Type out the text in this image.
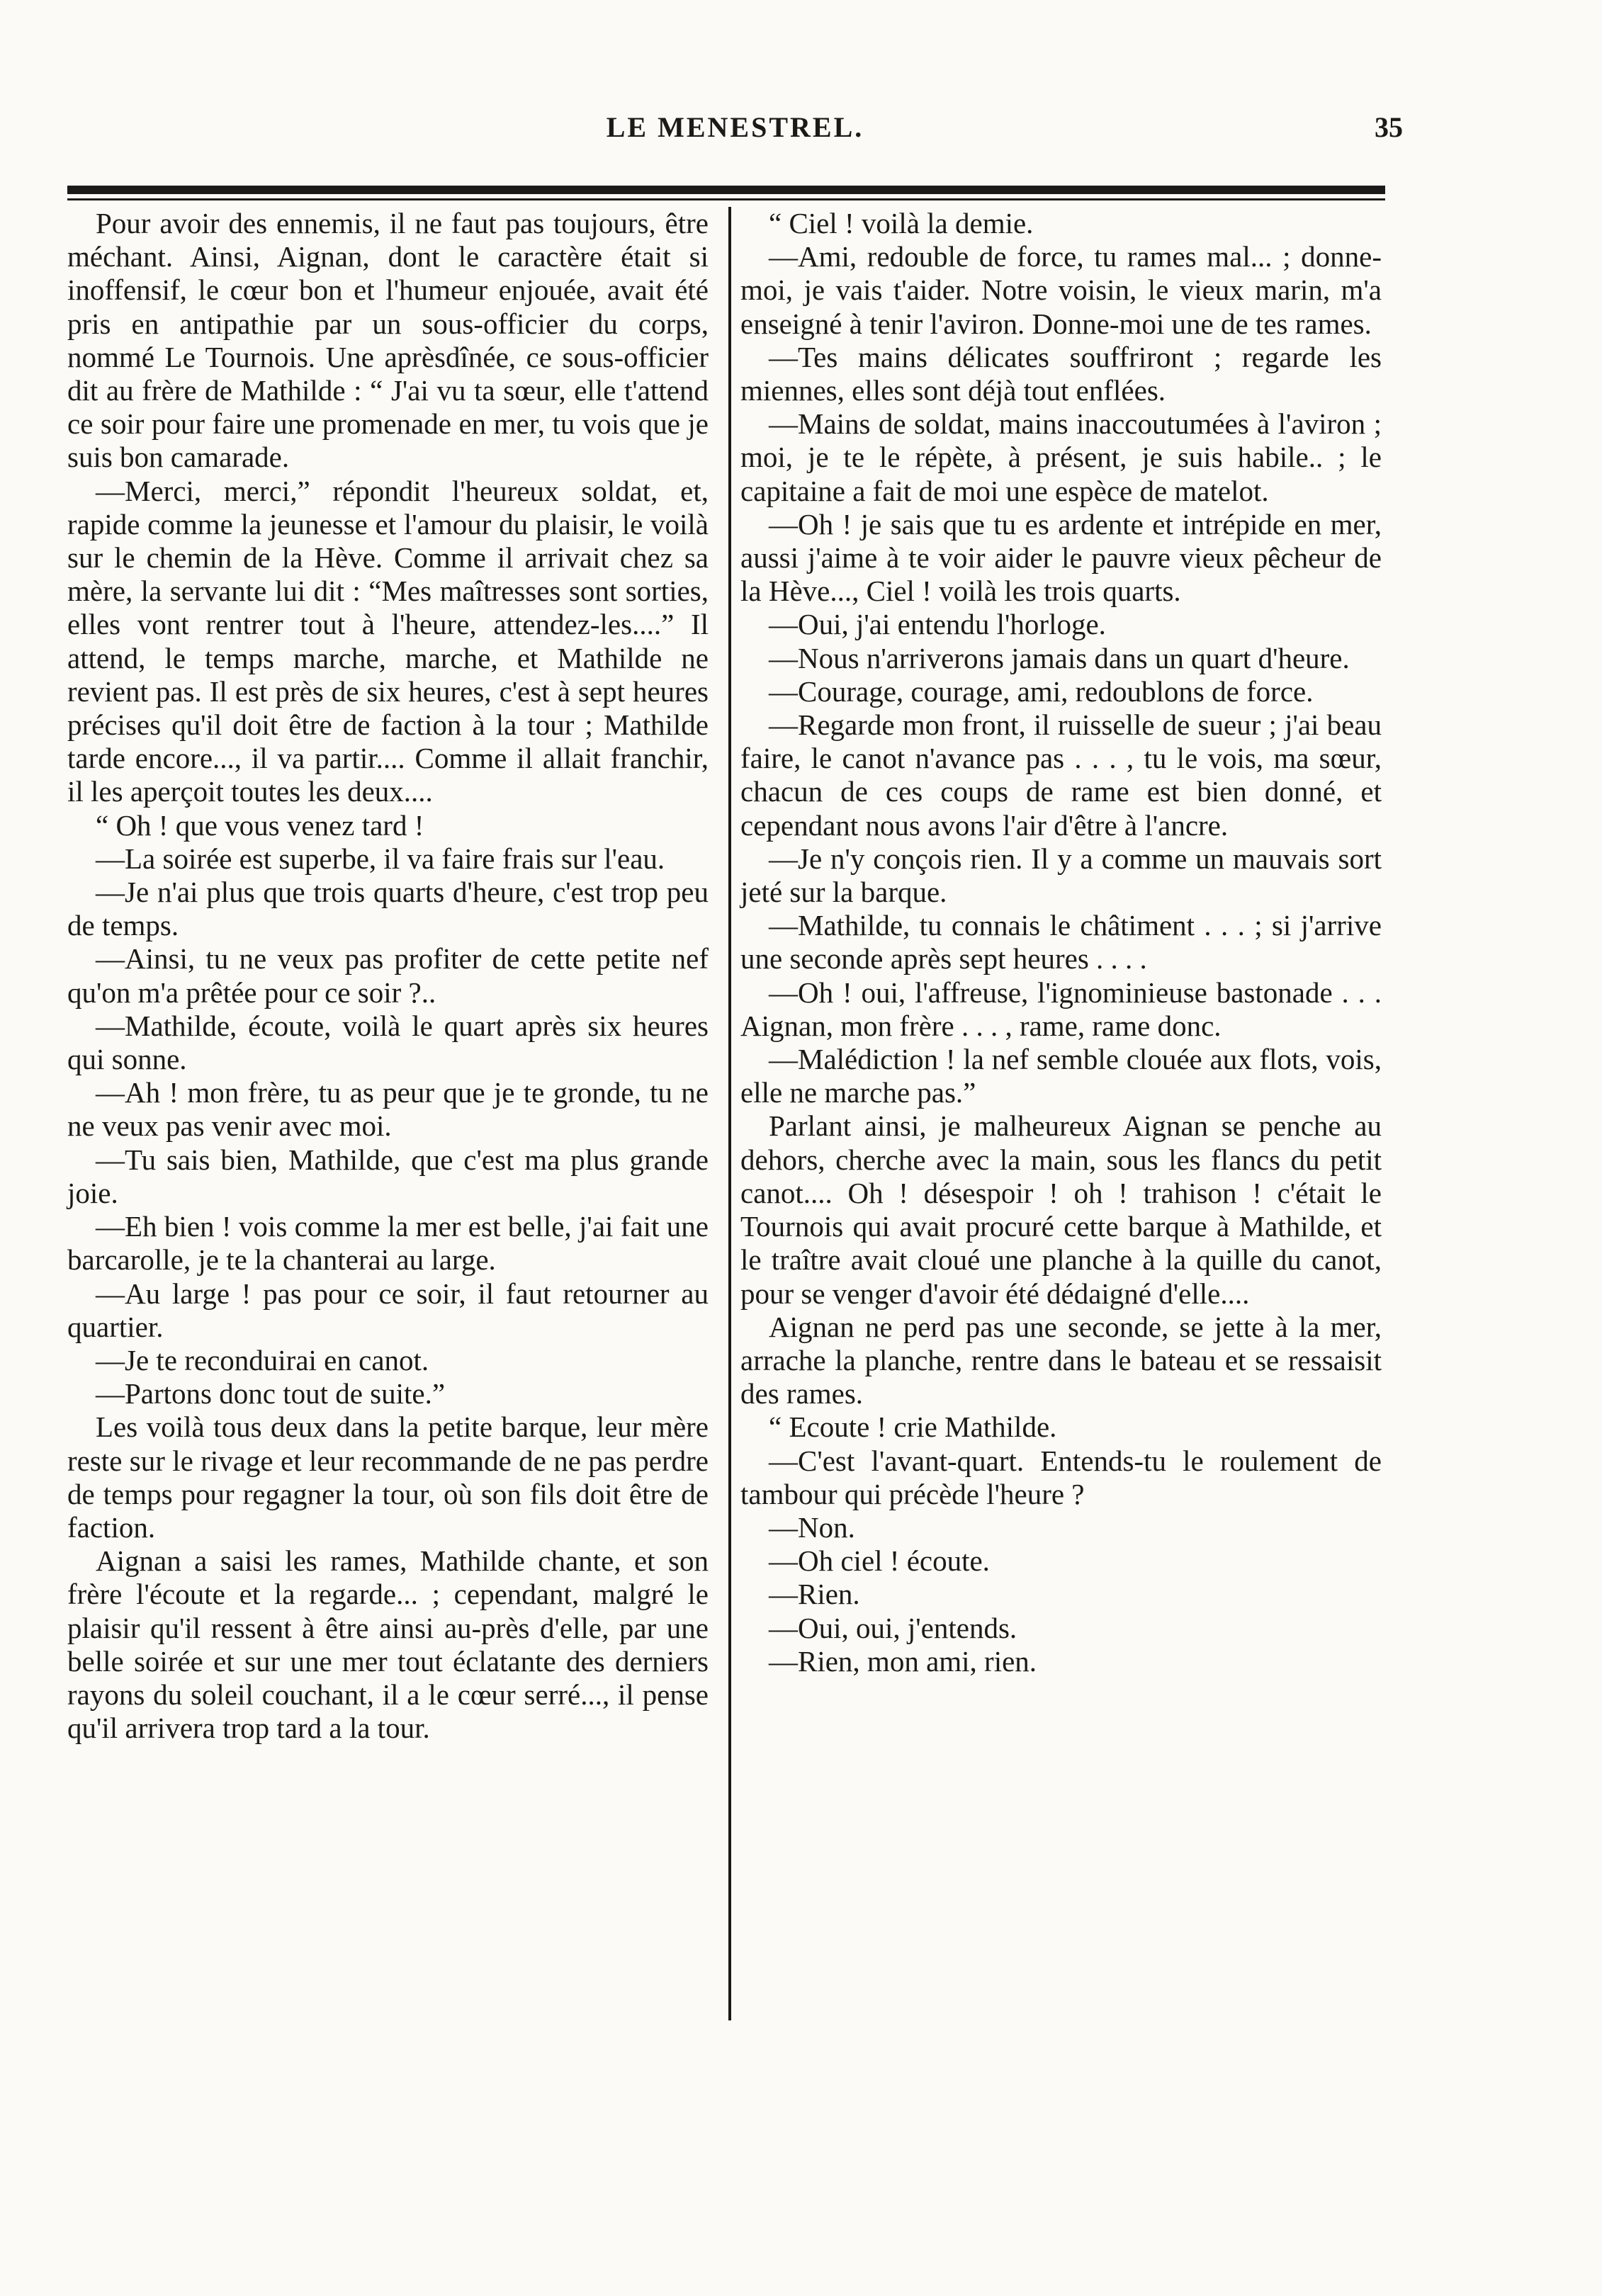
LE MENESTREL.	35

Pour avoir des ennemis, il ne faut pas toujours, être méchant. Ainsi, Aignan, dont le caractère était si inoffensif, le cœur bon et l'humeur enjouée, avait été pris en antipathie par un sous-officier du corps, nommé Le Tournois. Une aprèsdînée, ce sous-officier dit au frère de Mathilde : “ J'ai vu ta sœur, elle t'attend ce soir pour faire une promenade en mer, tu vois que je suis bon camarade.

—Merci, merci,” répondit l'heureux soldat, et, rapide comme la jeunesse et l'amour du plaisir, le voilà sur le chemin de la Hève. Comme il arrivait chez sa mère, la servante lui dit : “Mes maîtresses sont sorties, elles vont rentrer tout à l'heure, attendez-les....” Il attend, le temps marche, marche, et Mathilde ne revient pas. Il est près de six heures, c'est à sept heures précises qu'il doit être de faction à la tour ; Mathilde tarde encore..., il va partir.... Comme il allait franchir, il les aperçoit toutes les deux....

“ Oh ! que vous venez tard !

—La soirée est superbe, il va faire frais sur l'eau.

—Je n'ai plus que trois quarts d'heure, c'est trop peu de temps.

—Ainsi, tu ne veux pas profiter de cette petite nef qu'on m'a prêtée pour ce soir ?..

—Mathilde, écoute, voilà le quart après six heures qui sonne.

—Ah ! mon frère, tu as peur que je te gronde, tu ne ne veux pas venir avec moi.

—Tu sais bien, Mathilde, que c'est ma plus grande joie.

—Eh bien ! vois comme la mer est belle, j'ai fait une barcarolle, je te la chanterai au large.

—Au large ! pas pour ce soir, il faut retourner au quartier.

—Je te reconduirai en canot.

—Partons donc tout de suite.”

Les voilà tous deux dans la petite barque, leur mère reste sur le rivage et leur recommande de ne pas perdre de temps pour regagner la tour, où son fils doit être de faction.

Aignan a saisi les rames, Mathilde chante, et son frère l'écoute et la regarde... ; cependant, malgré le plaisir qu'il ressent à être ainsi au-près d'elle, par une belle soirée et sur une mer tout éclatante des derniers rayons du soleil couchant, il a le cœur serré..., il pense qu'il arrivera trop tard a la tour.

“ Ciel ! voilà la demie.

—Ami, redouble de force, tu rames mal... ; donne-moi, je vais t'aider. Notre voisin, le vieux marin, m'a enseigné à tenir l'aviron. Donne-moi une de tes rames.

—Tes mains délicates souffriront ; regarde les miennes, elles sont déjà tout enflées.

—Mains de soldat, mains inaccoutumées à l'aviron ; moi, je te le répète, à présent, je suis habile.. ; le capitaine a fait de moi une espèce de matelot.

—Oh ! je sais que tu es ardente et intrépide en mer, aussi j'aime à te voir aider le pauvre vieux pêcheur de la Hève..., Ciel ! voilà les trois quarts.

—Oui, j'ai entendu l'horloge.

—Nous n'arriverons jamais dans un quart d'heure.

—Courage, courage, ami, redoublons de force.

—Regarde mon front, il ruisselle de sueur ; j'ai beau faire, le canot n'avance pas . . . , tu le vois, ma sœur, chacun de ces coups de rame est bien donné, et cependant nous avons l'air d'être à l'ancre.

—Je n'y conçois rien. Il y a comme un mauvais sort jeté sur la barque.

—Mathilde, tu connais le châtiment . . . ; si j'arrive une seconde après sept heures . . . .

—Oh ! oui, l'affreuse, l'ignominieuse bastonade . . . Aignan, mon frère . . . , rame, rame donc.

—Malédiction ! la nef semble clouée aux flots, vois, elle ne marche pas.”

Parlant ainsi, je malheureux Aignan se penche au dehors, cherche avec la main, sous les flancs du petit canot.... Oh ! désespoir ! oh ! trahison ! c'était le Tournois qui avait procuré cette barque à Mathilde, et le traître avait cloué une planche à la quille du canot, pour se venger d'avoir été dédaigné d'elle....

Aignan ne perd pas une seconde, se jette à la mer, arrache la planche, rentre dans le bateau et se ressaisit des rames.

“ Ecoute ! crie Mathilde.

—C'est l'avant-quart. Entends-tu le roulement de tambour qui précède l'heure ?

—Non.

—Oh ciel ! écoute.

—Rien.

—Oui, oui, j'entends.

—Rien, mon ami, rien.
